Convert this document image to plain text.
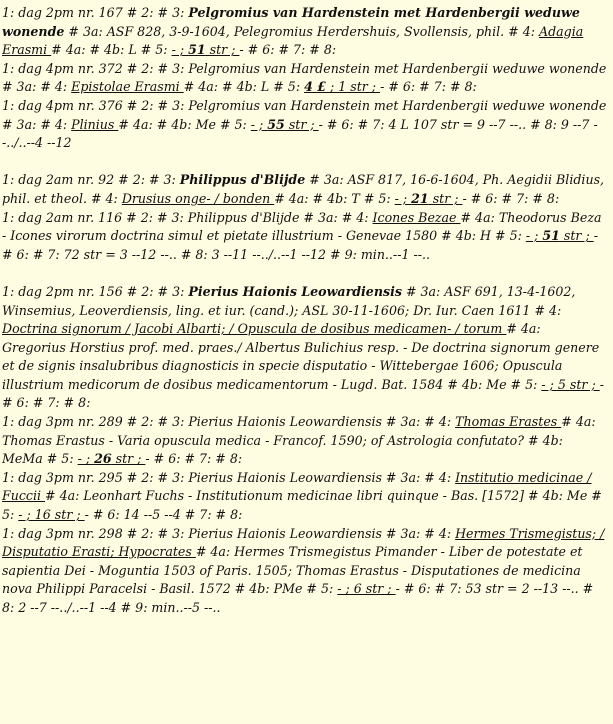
1: dag 2pm nr. 167 # 2: # 3: Pelgromius van Hardenstein met Hardenbergii weduwe wonende # 3a: ASF 828, 3-9-1604, Pelegromius Herdershuis, Svollensis, phil. # 4: Adagia Erasmi # 4a: # 4b: L # 5: - ; 51 str ; - # 6: # 7: # 8:

1: dag 4pm nr. 372 # 2: # 3: Pelgromius van Hardenstein met Hardenbergii weduwe wonende # 3a: # 4: Epistolae Erasmi # 4a: # 4b: L # 5: 4 £ ; 1 str ; - # 6: # 7: # 8:

1: dag 4pm nr. 376 # 2: # 3: Pelgromius van Hardenstein met Hardenbergii weduwe wonende # 3a: # 4: Plinius # 4a: # 4b: Me # 5: - ; 55 str ; - # 6: # 7: 4 L 107 str = 9 --7 --.. # 8: 9 --7 --../..--4 --12

1: dag 2am nr. 92 # 2: # 3: Philippus d'Blijde # 3a: ASF 817, 16-6-1604, Ph. Aegidii Blidius, phil. et theol. # 4: Drusius onge- / bonden # 4a: # 4b: T # 5: - ; 21 str ; - # 6: # 7: # 8:

1: dag 2am nr. 116 # 2: # 3: Philippus d'Blijde # 3a: # 4: Icones Bezae # 4a: Theodorus Beza - Icones virorum doctrina simul et pietate illustrium - Genevae 1580 # 4b: H # 5: - ; 51 str ; - # 6: # 7: 72 str = 3 --12 --.. # 8: 3 --11 --../..--1 --12 # 9: min..--1 --..

1: dag 2pm nr. 156 # 2: # 3: Pierius Haionis Leowardiensis # 3a: ASF 691, 13-4-1602, Winsemius, Leoverdiensis, ling. et iur. (cand.); ASL 30-11-1606; Dr. Iur. Caen 1611 # 4: Doctrina signorum / Jacobi Albarti; / Opuscula de dosibus medicamen- / torum # 4a: Gregorius Horstius prof. med. praes./ Albertus Bulichius resp. - De doctrina signorum genere et de signis insalubribus diagnosticis in specie disputatio - Wittebergae 1606; Opuscula illustrium medicorum de dosibus medicamentorum - Lugd. Bat. 1584 # 4b: Me # 5: - ; 5 str ; - # 6: # 7: # 8:

1: dag 3pm nr. 289 # 2: # 3: Pierius Haionis Leowardiensis # 3a: # 4: Thomas Erastes # 4a: Thomas Erastus - Varia opuscula medica - Francof. 1590; of Astrologia confutato? # 4b: MeMa # 5: - ; 26 str ; - # 6: # 7: # 8:

1: dag 3pm nr. 295 # 2: # 3: Pierius Haionis Leowardiensis # 3a: # 4: Institutio medicinae / Fuccii # 4a: Leonhart Fuchs - Institutionum medicinae libri quinque - Bas. [1572] # 4b: Me # 5: - ; 16 str ; - # 6: 14 --5 --4 # 7: # 8:

1: dag 3pm nr. 298 # 2: # 3: Pierius Haionis Leowardiensis # 3a: # 4: Hermes Trismegistus; / Disputatio Erasti; Hypocrates # 4a: Hermes Trismegistus Pimander - Liber de potestate et sapientia Dei - Moguntia 1503 of Paris. 1505; Thomas Erastus - Disputationes de medicina nova Philippi Paracelsi - Basil. 1572 # 4b: PMe # 5: - ; 6 str ; - # 6: # 7: 53 str = 2 --13 --.. # 8: 2 --7 --../..--1 --4 # 9: min..--5 --..
